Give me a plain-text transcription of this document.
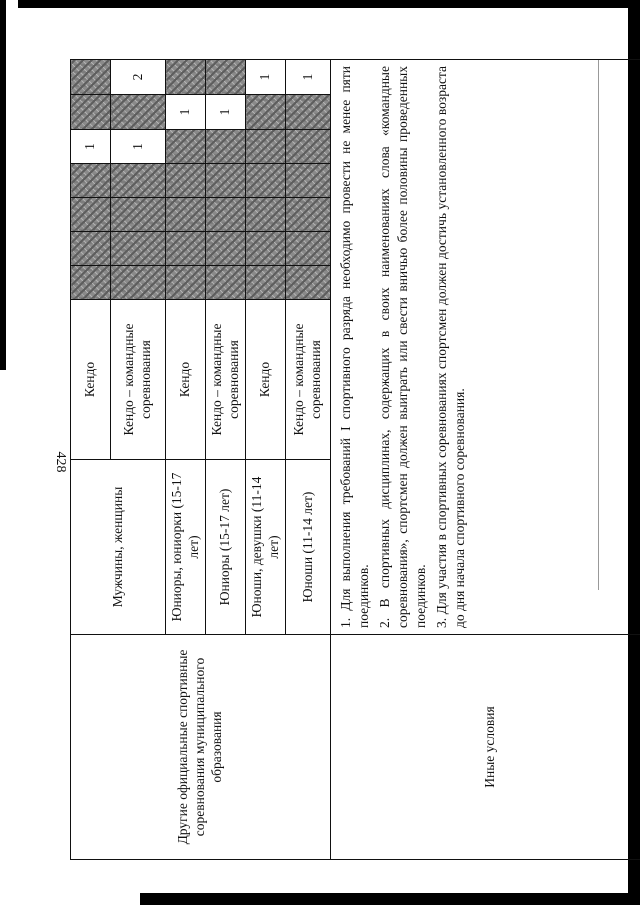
428
Другие официальные спортивные соревнования муниципального образования	Мужчины, женщины	Кендо					1		
		Кендо – командные соревнования					1		2
	Юниоры, юниорки (15-17 лет)	Кендо						1	
	Юниоры (15-17 лет)	Кендо – командные соревнования						1	
	Юноши, девушки (11-14 лет)	Кендо							1
	Юноши (11-14 лет)	Кендо – командные соревнования							1
Иные условия	1. Для выполнения требований I спортивного разряда необходимо провести не менее пяти поединков. 2. В спортивных дисциплинах, содержащих в своих наименованиях слова «командные соревнования», спортсмен должен выиграть или свести вничью более половины проведенных поединков. 3. Для участия в спортивных соревнованиях спортсмен должен достичь установленного возраста до дня начала спортивного соревнования.								
